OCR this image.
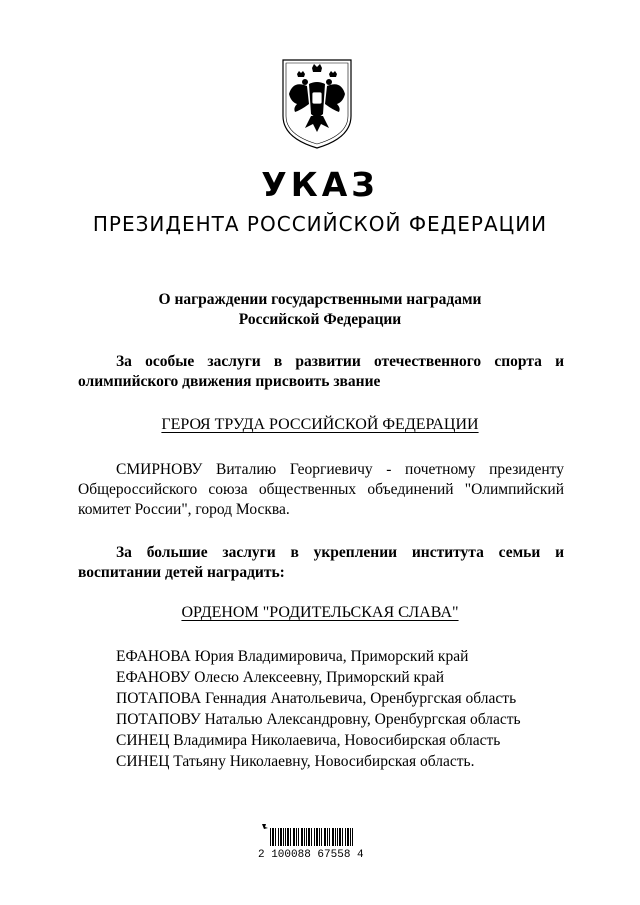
УКАЗ
ПРЕЗИДЕНТА РОССИЙСКОЙ ФЕДЕРАЦИИ
О награждении государственными наградами
Российской Федерации
За особые заслуги в развитии отечественного спорта и олимпийского движения присвоить звание
ГЕРОЯ ТРУДА РОССИЙСКОЙ ФЕДЕРАЦИИ
СМИРНОВУ Виталию Георгиевичу - почетному президенту Общероссийского союза общественных объединений "Олимпийский комитет России", город Москва.
За большие заслуги в укреплении института семьи и воспитании детей наградить:
ОРДЕНОМ "РОДИТЕЛЬСКАЯ СЛАВА"
ЕФАНОВА Юрия Владимировича, Приморский край
ЕФАНОВУ Олесю Алексеевну, Приморский край
ПОТАПОВА Геннадия Анатольевича, Оренбургская область
ПОТАПОВУ Наталью Александровну, Оренбургская область
СИНЕЦ Владимира Николаевича, Новосибирская область
СИНЕЦ Татьяну Николаевну, Новосибирская область.
2 100088 67558 4
